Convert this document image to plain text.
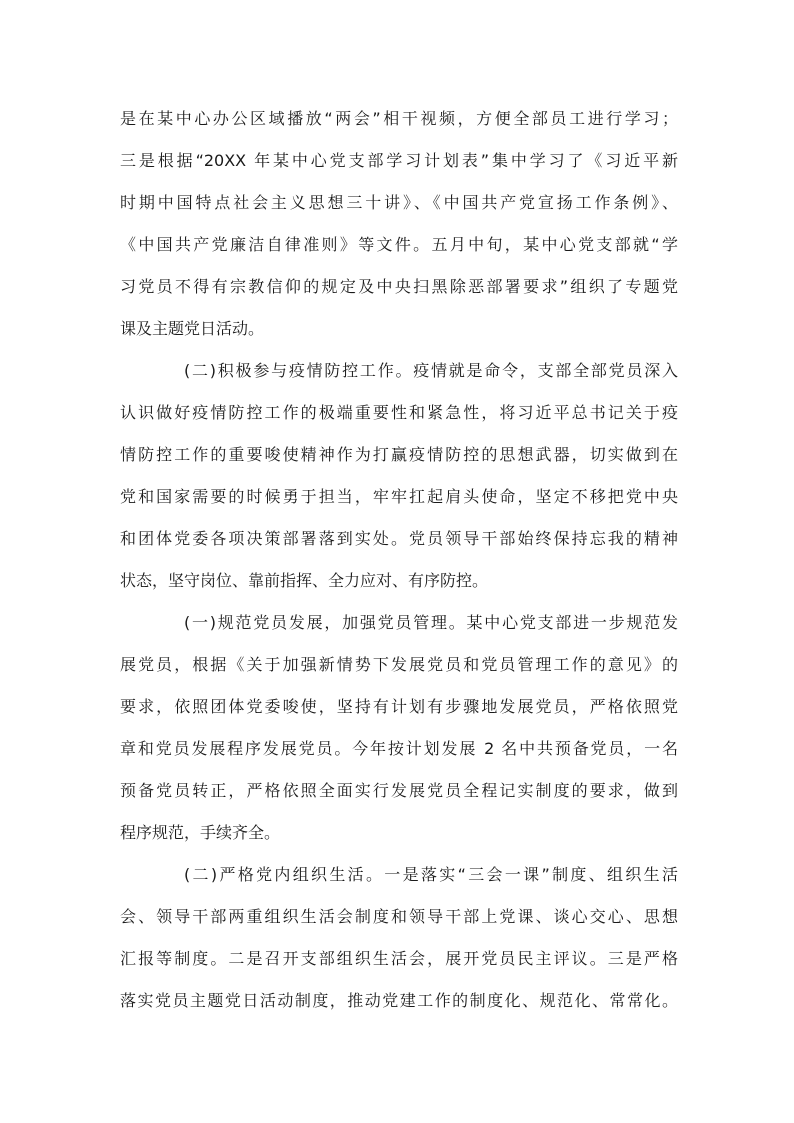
是在某中心办公区域播放“两会”相干视频，方便全部员工进行学习；
三是根据“20XX 年某中心党支部学习计划表”集中学习了《习近平新
时期中国特点社会主义思想三十讲》、《中国共产党宣扬工作条例》、
《中国共产党廉洁自律准则》等文件。五月中旬，某中心党支部就“学
习党员不得有宗教信仰的规定及中央扫黑除恶部署要求”组织了专题党
课及主题党日活动。
(二)积极参与疫情防控工作。疫情就是命令，支部全部党员深入
认识做好疫情防控工作的极端重要性和紧急性，将习近平总书记关于疫
情防控工作的重要唆使精神作为打赢疫情防控的思想武器，切实做到在
党和国家需要的时候勇于担当，牢牢扛起肩头使命，坚定不移把党中央
和团体党委各项决策部署落到实处。党员领导干部始终保持忘我的精神
状态，坚守岗位、靠前指挥、全力应对、有序防控。
(一)规范党员发展，加强党员管理。某中心党支部进一步规范发
展党员，根据《关于加强新情势下发展党员和党员管理工作的意见》的
要求，依照团体党委唆使，坚持有计划有步骤地发展党员，严格依照党
章和党员发展程序发展党员。今年按计划发展 2 名中共预备党员，一名
预备党员转正，严格依照全面实行发展党员全程记实制度的要求，做到
程序规范，手续齐全。
(二)严格党内组织生活。一是落实“三会一课”制度、组织生活
会、领导干部两重组织生活会制度和领导干部上党课、谈心交心、思想
汇报等制度。二是召开支部组织生活会，展开党员民主评议。三是严格
落实党员主题党日活动制度，推动党建工作的制度化、规范化、常常化。
